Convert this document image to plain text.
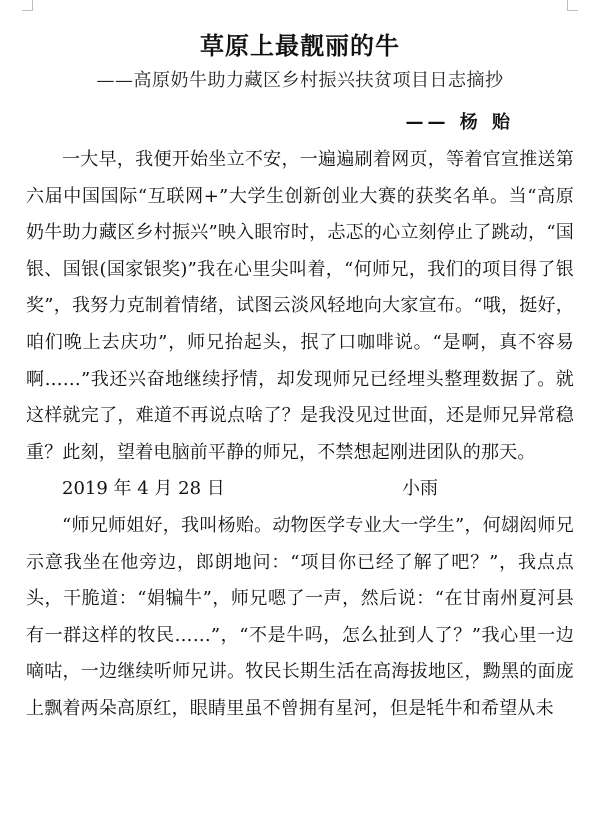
草原上最靓丽的牛
——高原奶牛助力藏区乡村振兴扶贫项目日志摘抄
—— 杨 贻

一大早，我便开始坐立不安，一遍遍刷着网页，等着官宣推送第六届中国国际“互联网+”大学生创新创业大赛的获奖名单。当“高原奶牛助力藏区乡村振兴”映入眼帘时，忐忑的心立刻停止了跳动，“国银、国银(国家银奖)”我在心里尖叫着，“何师兄，我们的项目得了银奖”，我努力克制着情绪，试图云淡风轻地向大家宣布。“哦，挺好，咱们晚上去庆功”，师兄抬起头，抿了口咖啡说。“是啊，真不容易啊……”我还兴奋地继续抒情，却发现师兄已经埋头整理数据了。就这样就完了，难道不再说点啥了？是我没见过世面，还是师兄异常稳重？此刻，望着电脑前平静的师兄，不禁想起刚进团队的那天。

2019 年 4 月 28 日	小雨

“师兄师姐好，我叫杨贻。动物医学专业大一学生”，何翃闳师兄示意我坐在他旁边，郎朗地问：“项目你已经了解了吧？”，我点点头，干脆道：“娟犏牛”，师兄嗯了一声，然后说：“在甘南州夏河县有一群这样的牧民……”，“不是牛吗，怎么扯到人了？”我心里一边嘀咕，一边继续听师兄讲。牧民长期生活在高海拔地区，黝黑的面庞上飘着两朵高原红，眼睛里虽不曾拥有星河，但是牦牛和希望从未
